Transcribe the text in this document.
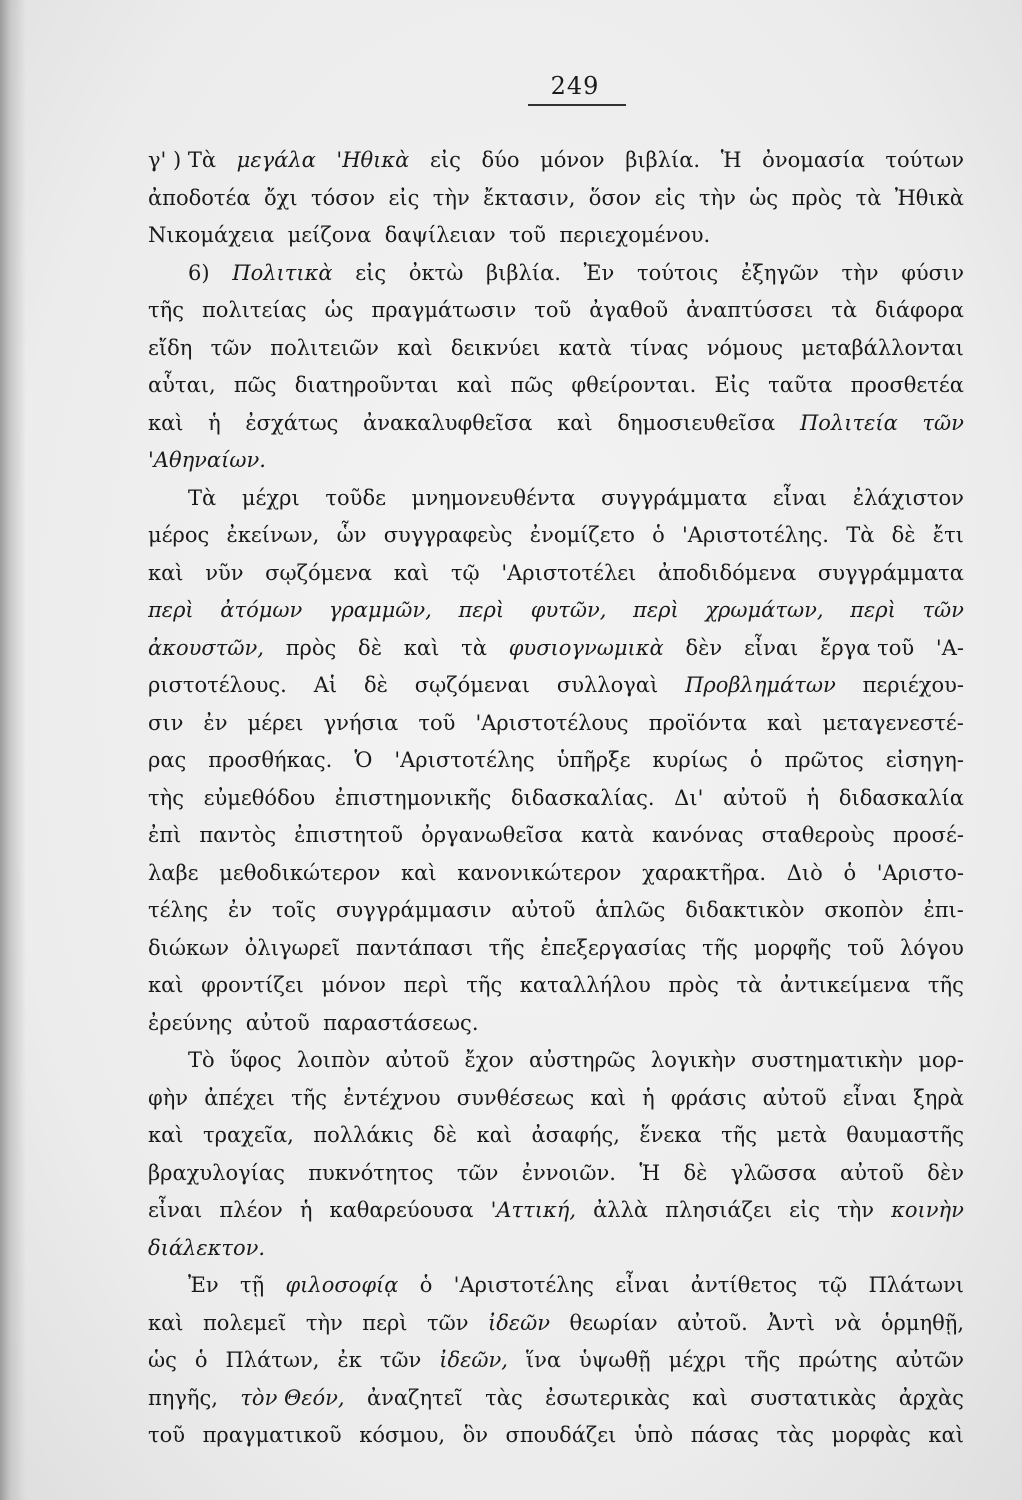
249
γ' ) Τὰ μεγάλα 'Ηθικὰ εἰς δύο μόνον βιβλία. Ἡ ὀνομασία τούτων
ἀποδοτέα ὄχι τόσον εἰς τὴν ἔκτασιν, ὅσον εἰς τὴν ὡς πρὸς τὰ Ἠθικὰ
Νικομάχεια
μείζονα
δαψίλειαν
τοῦ
περιεχομένου.
6) Πολιτικὰ εἰς ὀκτὼ βιβλία. Ἐν τούτοις ἐξηγῶν τὴν φύσιν
τῆς πολιτείας ὡς πραγμάτωσιν τοῦ ἀγαθοῦ ἀναπτύσσει τὰ διάφορα
εἴδη τῶν πολιτειῶν καὶ δεικνύει κατὰ τίνας νόμους μεταβάλλονται
αὗται, πῶς διατηροῦνται καὶ πῶς φθείρονται. Εἰς ταῦτα προσθετέα
καὶ ἡ ἐσχάτως ἀνακαλυφθεῖσα καὶ δημοσιευθεῖσα Πολιτεία τῶν
'Αθηναίων.
Τὰ μέχρι τοῦδε μνημονευθέντα συγγράμματα εἶναι ἐλάχιστον
μέρος ἐκείνων, ὧν συγγραφεὺς ἐνομίζετο ὁ 'Αριστοτέλης. Τὰ δὲ ἔτι
καὶ νῦν σῳζόμενα καὶ τῷ 'Αριστοτέλει ἀποδιδόμενα συγγράμματα
περὶ ἀτόμων γραμμῶν, περὶ φυτῶν, περὶ χρωμάτων, περὶ τῶν
ἀκουστῶν, πρὸς δὲ καὶ τὰ φυσιογνωμικὰ δὲν εἶναι ἔργα τοῦ 'Α-
ριστοτέλους. Αἱ δὲ σῳζόμεναι συλλογαὶ Προβλημάτων περιέχου-
σιν ἐν μέρει γνήσια τοῦ 'Αριστοτέλους προϊόντα καὶ μεταγενεστέ-
ρας προσθήκας. Ὁ 'Αριστοτέλης ὑπῆρξε κυρίως ὁ πρῶτος εἰσηγη-
τὴς εὐμεθόδου ἐπιστημονικῆς διδασκαλίας. Δι' αὐτοῦ ἡ διδασκαλία
ἐπὶ παντὸς ἐπιστητοῦ ὀργανωθεῖσα κατὰ κανόνας σταθεροὺς προσέ-
λαβε μεθοδικώτερον καὶ κανονικώτερον χαρακτῆρα. Διὸ ὁ 'Αριστο-
τέλης ἐν τοῖς συγγράμμασιν αὐτοῦ ἁπλῶς διδακτικὸν σκοπὸν ἐπι-
διώκων ὀλιγωρεῖ παντάπασι τῆς ἐπεξεργασίας τῆς μορφῆς τοῦ λόγου
καὶ φροντίζει μόνον περὶ τῆς καταλλήλου πρὸς τὰ ἀντικείμενα τῆς
ἐρεύνης
αὐτοῦ
παραστάσεως.
Τὸ ὕφος λοιπὸν αὐτοῦ ἔχον αὐστηρῶς λογικὴν συστηματικὴν μορ-
φὴν ἀπέχει τῆς ἐντέχνου συνθέσεως καὶ ἡ φράσις αὐτοῦ εἶναι ξηρὰ
καὶ τραχεῖα, πολλάκις δὲ καὶ ἀσαφής, ἕνεκα τῆς μετὰ θαυμαστῆς
βραχυλογίας πυκνότητος τῶν ἐννοιῶν. Ἡ δὲ γλῶσσα αὐτοῦ δὲν
εἶναι πλέον ἡ καθαρεύουσα 'Αττική, ἀλλὰ πλησιάζει εἰς τὴν κοινὴν
διάλεκτον.
Ἐν τῇ φιλοσοφίᾳ ὁ 'Αριστοτέλης εἶναι ἀντίθετος τῷ Πλάτωνι
καὶ πολεμεῖ τὴν περὶ τῶν ἰδεῶν θεωρίαν αὐτοῦ. Ἀντὶ νὰ ὁρμηθῇ,
ὡς ὁ Πλάτων, ἐκ τῶν ἰδεῶν, ἵνα ὑψωθῇ μέχρι τῆς πρώτης αὐτῶν
πηγῆς, τὸν Θεόν, ἀναζητεῖ τὰς ἐσωτερικὰς καὶ συστατικὰς ἀρχὰς
τοῦ πραγματικοῦ κόσμου, ὃν σπουδάζει ὑπὸ πάσας τὰς μορφὰς καὶ
